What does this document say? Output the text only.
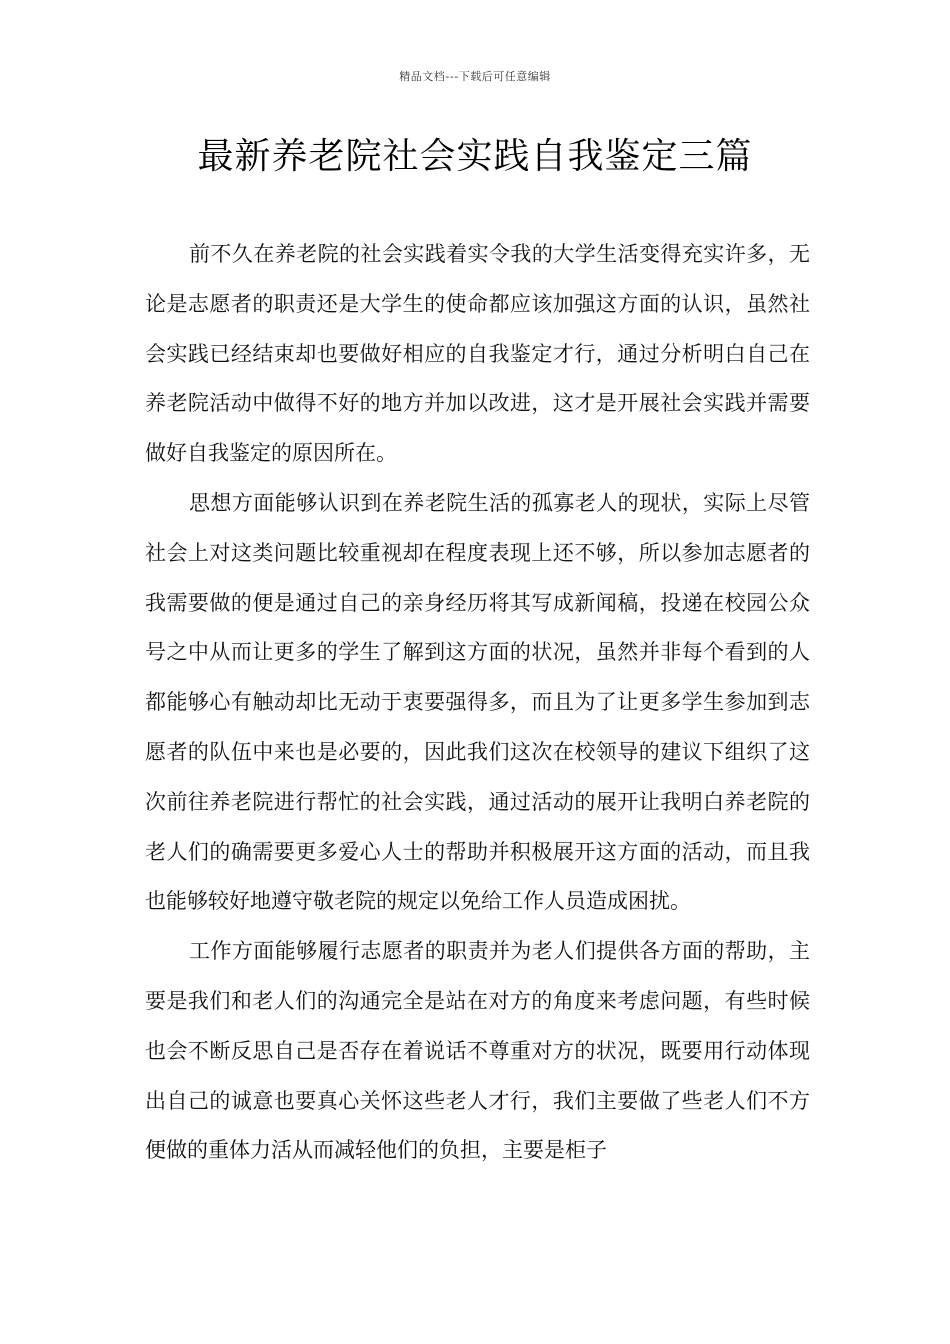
精品文档---下载后可任意编辑
最新养老院社会实践自我鉴定三篇

前不久在养老院的社会实践着实令我的大学生活变得充实许多，无论是志愿者的职责还是大学生的使命都应该加强这方面的认识，虽然社会实践已经结束却也要做好相应的自我鉴定才行，通过分析明白自己在养老院活动中做得不好的地方并加以改进，这才是开展社会实践并需要做好自我鉴定的原因所在。

思想方面能够认识到在养老院生活的孤寡老人的现状，实际上尽管社会上对这类问题比较重视却在程度表现上还不够，所以参加志愿者的我需要做的便是通过自己的亲身经历将其写成新闻稿，投递在校园公众号之中从而让更多的学生了解到这方面的状况，虽然并非每个看到的人都能够心有触动却比无动于衷要强得多，而且为了让更多学生参加到志愿者的队伍中来也是必要的，因此我们这次在校领导的建议下组织了这次前往养老院进行帮忙的社会实践，通过活动的展开让我明白养老院的老人们的确需要更多爱心人士的帮助并积极展开这方面的活动，而且我也能够较好地遵守敬老院的规定以免给工作人员造成困扰。

工作方面能够履行志愿者的职责并为老人们提供各方面的帮助，主要是我们和老人们的沟通完全是站在对方的角度来考虑问题，有些时候也会不断反思自己是否存在着说话不尊重对方的状况，既要用行动体现出自己的诚意也要真心关怀这些老人才行，我们主要做了些老人们不方便做的重体力活从而减轻他们的负担，主要是柜子
